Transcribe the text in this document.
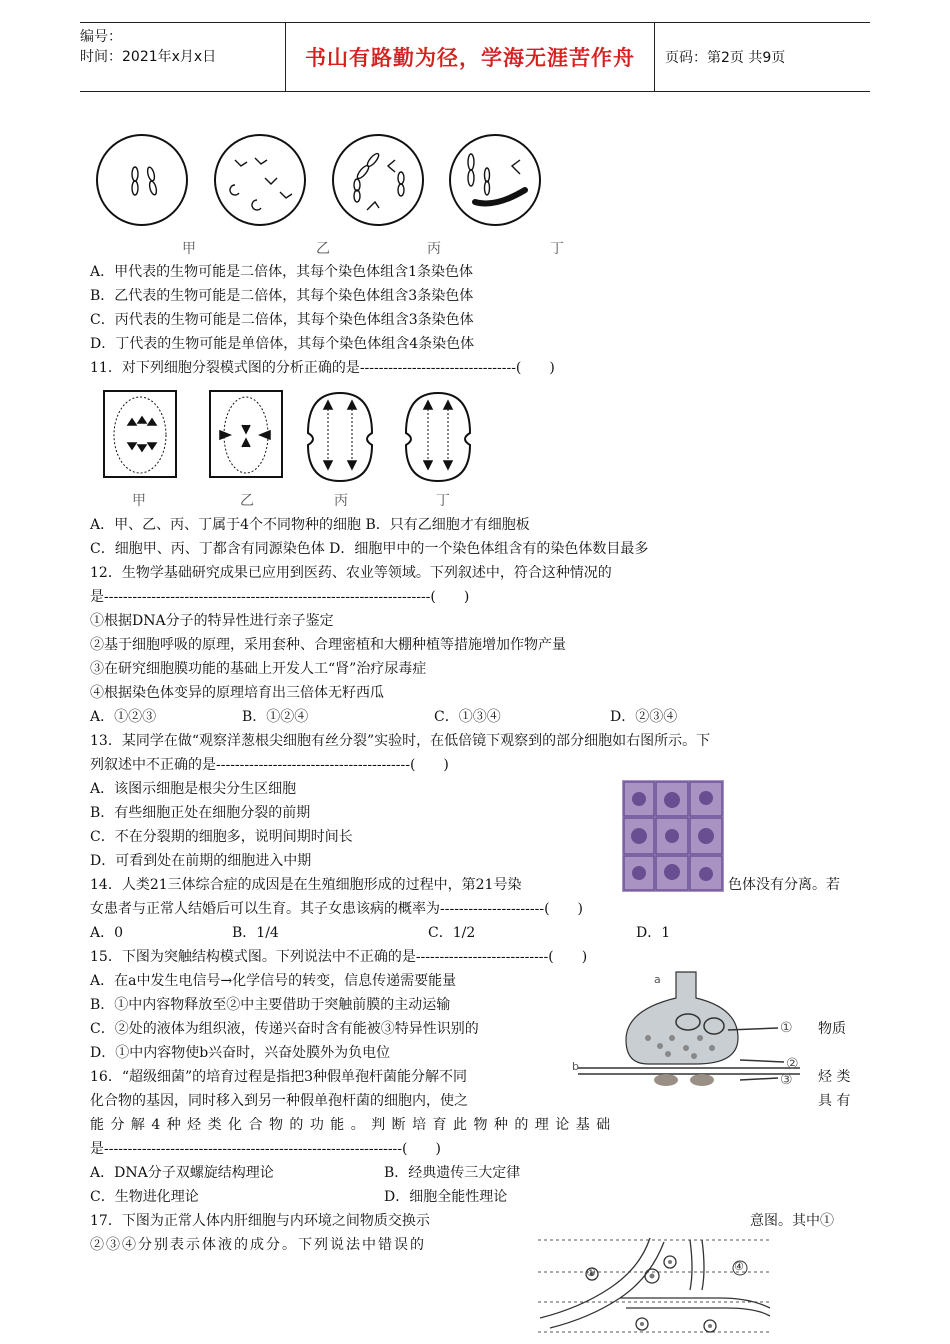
编号：
时间：2021年x月x日	书山有路勤为径，学海无涯苦作舟	页码：第2页 共9页
甲	乙	丙	丁
A．甲代表的生物可能是二倍体，其每个染色体组含1条染色体
B．乙代表的生物可能是二倍体，其每个染色体组含3条染色体
C．丙代表的生物可能是二倍体，其每个染色体组含3条染色体
D．丁代表的生物可能是单倍体，其每个染色体组含4条染色体
11．对下列细胞分裂模式图的分析正确的是---------------------------------(　　)
甲	乙	丙	丁
A．甲、乙、丙、丁属于4个不同物种的细胞 B．只有乙细胞才有细胞板
C．细胞甲、丙、丁都含有同源染色体 D．细胞甲中的一个染色体组含有的染色体数目最多
12．生物学基础研究成果已应用到医药、农业等领域。下列叙述中，符合这种情况的
是---------------------------------------------------------------------(　　)
①根据DNA分子的特异性进行亲子鉴定
②基于细胞呼吸的原理，采用套种、合理密植和大棚种植等措施增加作物产量
③在研究细胞膜功能的基础上开发人工“肾”治疗尿毒症
④根据染色体变异的原理培育出三倍体无籽西瓜
A．①②③	B．①②④	C．①③④	D．②③④
13．某同学在做“观察洋葱根尖细胞有丝分裂”实验时，在低倍镜下观察到的部分细胞如右图所示。下
列叙述中不正确的是-----------------------------------------(　　)
A．该图示细胞是根尖分生区细胞
B．有些细胞正处在细胞分裂的前期
C．不在分裂期的细胞多，说明间期时间长
D．可看到处在前期的细胞进入中期
14．人类21三体综合症的成因是在生殖细胞形成的过程中，第21号染	色体没有分离。若
女患者与正常人结婚后可以生育。其子女患该病的概率为----------------------(　　)
A．0	B．1/4	C．1/2	D．1
15．下图为突触结构模式图。下列说法中不正确的是----------------------------(　　)
A．在a中发生电信号→化学信号的转变，信息传递需要能量
B．①中内容物释放至②中主要借助于突触前膜的主动运输
C．②处的液体为组织液，传递兴奋时含有能被③特异性识别的	物质
D．①中内容物使b兴奋时，兴奋处膜外为负电位
a
b
①
②
③
16．“超级细菌”的培育过程是指把3种假单孢杆菌能分解不同	烃 类
化合物的基因，同时移入到另一种假单孢杆菌的细胞内，使之	具 有
能 分 解 4 种 烃 类 化 合 物 的 功 能 。 判 断 培 育 此 物 种 的 理 论 基 础
是---------------------------------------------------------------(　　)
A．DNA分子双螺旋结构理论	B．经典遗传三大定律
C．生物进化理论	D．细胞全能性理论
17．下图为正常人体内肝细胞与内环境之间物质交换示	意图。其中①
②③④分别表示体液的成分。下列说法中错误的
①	④
